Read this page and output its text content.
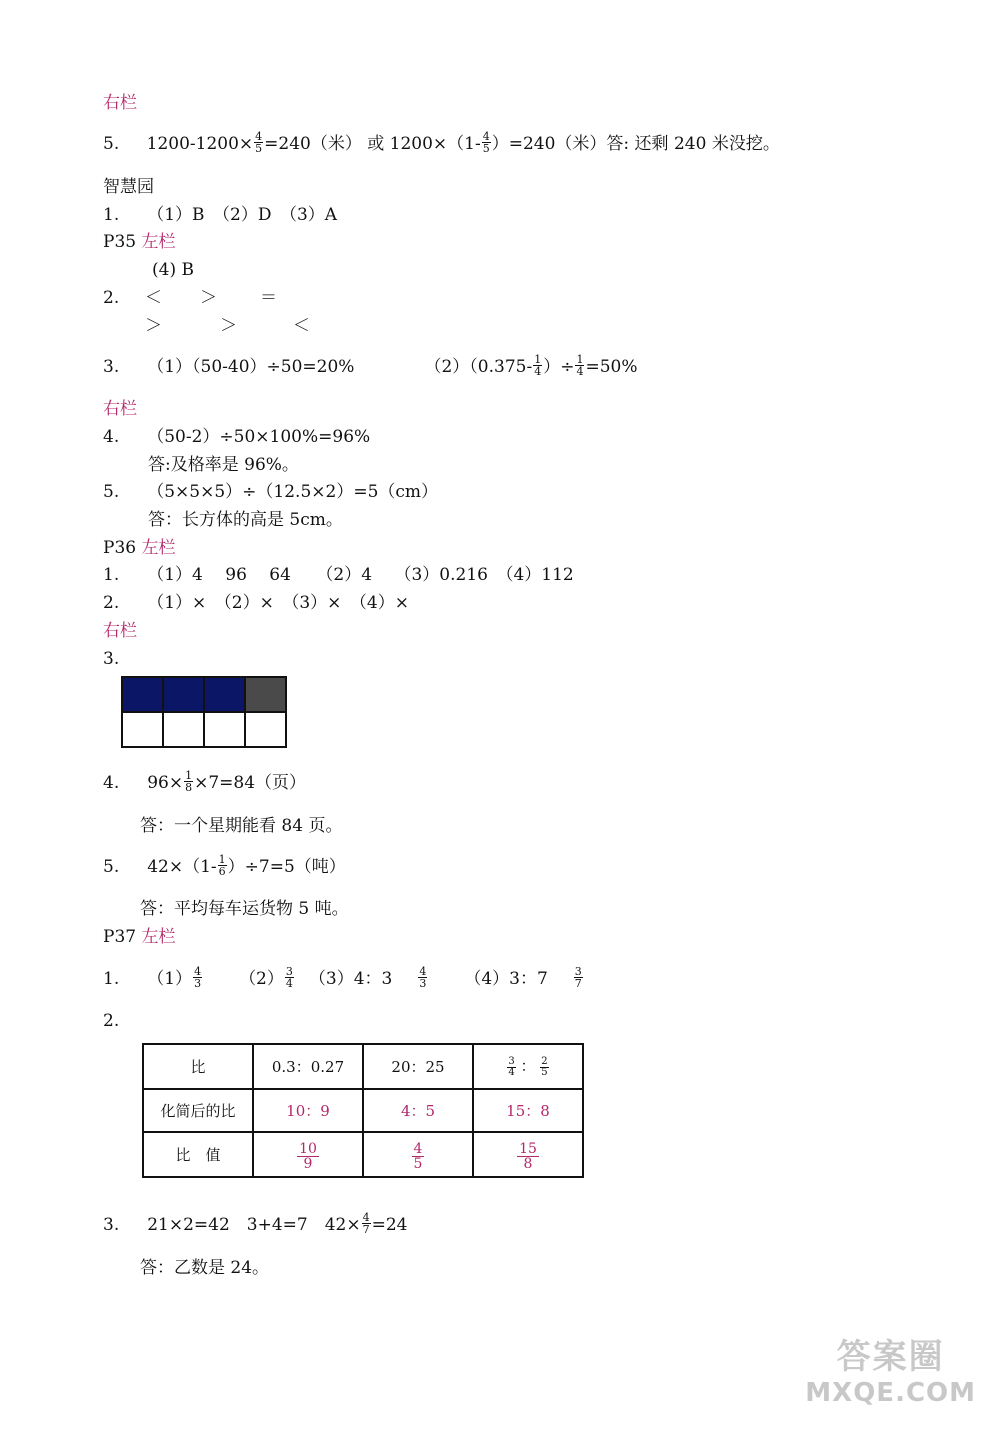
右栏
5. $1200-1200\times \frac{4}{5} =240$（米） 或 $1200\times(1- \frac{4}{5} )=240$（米）答: 还剩 240 米没挖。
智慧园
1. （1）B　（2）D　（3）A
P35 左栏
(4) B
2. ＜ ＞	＝
＞	＞	＜
3. （1）（50-40）÷50=20%	$(2)(0.375- \frac{1}{4}$ ）÷ $\frac{1}{4} =50\%$
右栏
4. （50-2）÷50×100%=96%
答:及格率是 96%。
5. （5×5×5）÷（12.5×2）=5（cm）
答：长方体的高是 5cm。
P36 左栏
1. （1）4　 96　 64　　（2）4　 （3）0.216　（4）112
2. （1）×　（2）×　（3）×　（4）×
右栏
3.

4. $96\times \frac{1}{8} \times 7=84$（页）
答：一个星期能看 84 页。
5. $42\times(1- \frac{1}{6} )\div 7=5$（吨）
答：平均每车运货物 5 吨。
P37 左栏
1. $(1) \frac{4}{3} (2) \frac{3}{4} (3)4$：$3 \frac{4}{3} (4)3$：$7 \frac{3}{7}$
2.
比	0.3：0.27	20：25	$\frac{3}{4}$ ： $\frac{2}{5}$

化简后的比	10：9	4：5	15：8
比　值	$\frac{10}{9}$	$\frac{4}{5}$	$\frac{15}{8}$
3. 21×2=42　3+4=7　$42\times \frac{4}{7} =24$
答：乙数是 24。
答案圈
MXQE.COM
